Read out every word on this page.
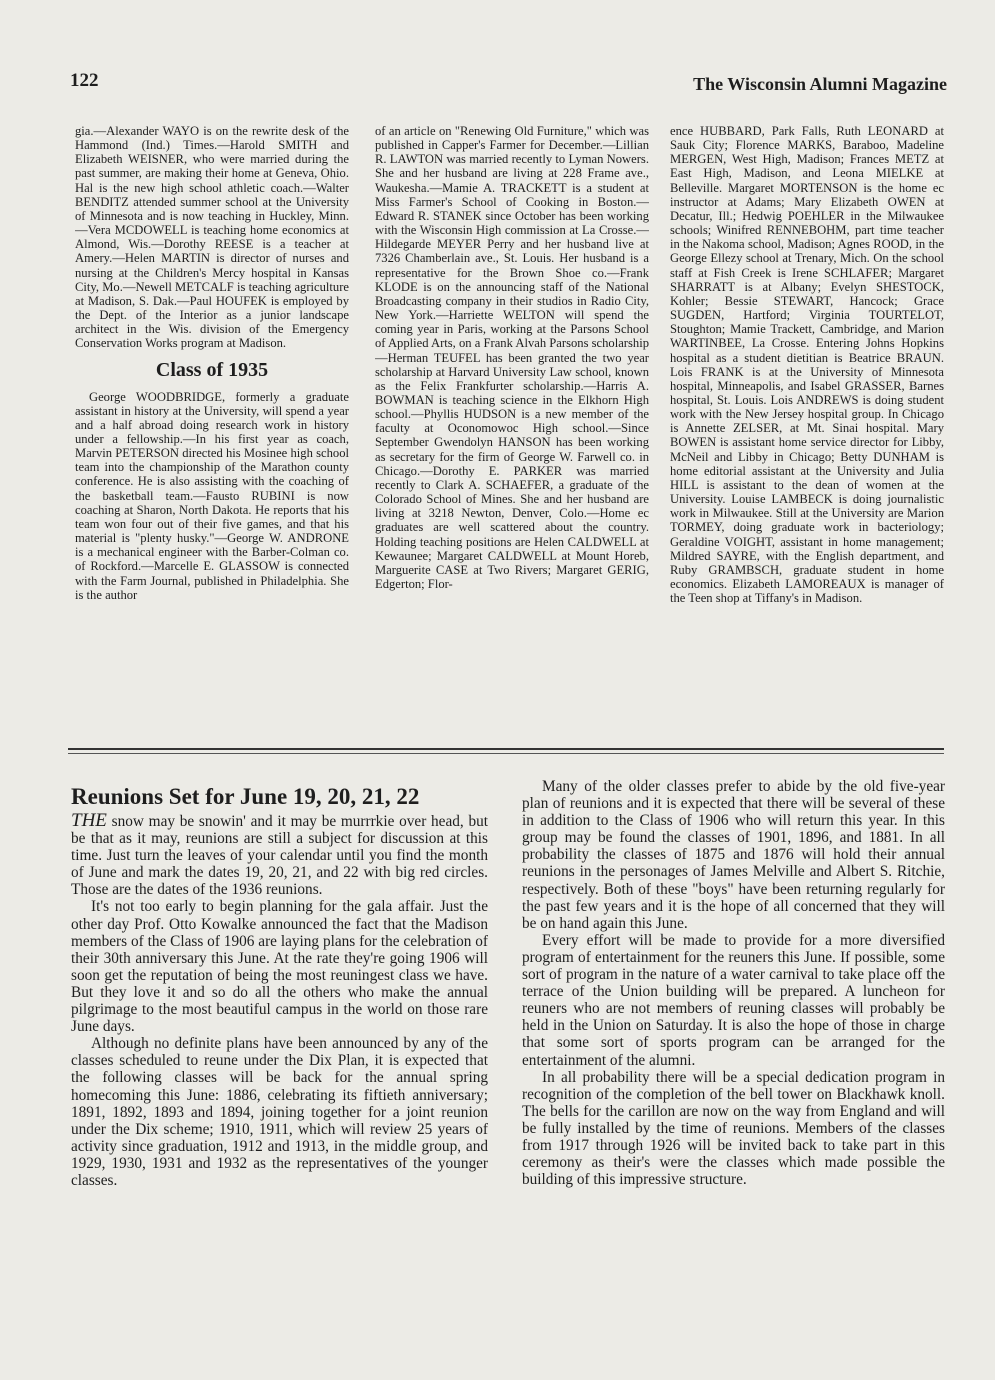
122	The Wisconsin Alumni Magazine

gia.—Alexander WAYO is on the rewrite desk of the Hammond (Ind.) Times.—Harold SMITH and Elizabeth WEISNER, who were married during the past summer, are making their home at Geneva, Ohio. Hal is the new high school athletic coach.—Walter BENDITZ attended summer school at the University of Minnesota and is now teaching in Huckley, Minn.—Vera MCDOWELL is teaching home economics at Almond, Wis.—Dorothy REESE is a teacher at Amery.—Helen MARTIN is director of nurses and nursing at the Children's Mercy hospital in Kansas City, Mo.—Newell METCALF is teaching agriculture at Madison, S. Dak.—Paul HOUFEK is employed by the Dept. of the Interior as a junior landscape architect in the Wis. division of the Emergency Conservation Works program at Madison.

Class of 1935

George WOODBRIDGE, formerly a graduate assistant in history at the University, will spend a year and a half abroad doing research work in history under a fellowship.—In his first year as coach, Marvin PETERSON directed his Mosinee high school team into the championship of the Marathon county conference. He is also assisting with the coaching of the basketball team.—Fausto RUBINI is now coaching at Sharon, North Dakota. He reports that his team won four out of their five games, and that his material is "plenty husky."—George W. ANDRONE is a mechanical engineer with the Barber-Colman co. of Rockford.—Marcelle E. GLASSOW is connected with the Farm Journal, published in Philadelphia. She is the author

of an article on "Renewing Old Furniture," which was published in Capper's Farmer for December.—Lillian R. LAWTON was married recently to Lyman Nowers. She and her husband are living at 228 Frame ave., Waukesha.—Mamie A. TRACKETT is a student at Miss Farmer's School of Cooking in Boston.—Edward R. STANEK since October has been working with the Wisconsin High commission at La Crosse.—Hildegarde MEYER Perry and her husband live at 7326 Chamberlain ave., St. Louis. Her husband is a representative for the Brown Shoe co.—Frank KLODE is on the announcing staff of the National Broadcasting company in their studios in Radio City, New York.—Harriette WELTON will spend the coming year in Paris, working at the Parsons School of Applied Arts, on a Frank Alvah Parsons scholarship—Herman TEUFEL has been granted the two year scholarship at Harvard University Law school, known as the Felix Frankfurter scholarship.—Harris A. BOWMAN is teaching science in the Elkhorn High school.—Phyllis HUDSON is a new member of the faculty at Oconomowoc High school.—Since September Gwendolyn HANSON has been working as secretary for the firm of George W. Farwell co. in Chicago.—Dorothy E. PARKER was married recently to Clark A. SCHAEFER, a graduate of the Colorado School of Mines. She and her husband are living at 3218 Newton, Denver, Colo.—Home ec graduates are well scattered about the country. Holding teaching positions are Helen CALDWELL at Kewaunee; Margaret CALDWELL at Mount Horeb, Marguerite CASE at Two Rivers; Margaret GERIG, Edgerton; Flor-

ence HUBBARD, Park Falls, Ruth LEONARD at Sauk City; Florence MARKS, Baraboo, Madeline MERGEN, West High, Madison; Frances METZ at East High, Madison, and Leona MIELKE at Belleville. Margaret MORTENSON is the home ec instructor at Adams; Mary Elizabeth OWEN at Decatur, Ill.; Hedwig POEHLER in the Milwaukee schools; Winifred RENNEBOHM, part time teacher in the Nakoma school, Madison; Agnes ROOD, in the George Ellezy school at Trenary, Mich. On the school staff at Fish Creek is Irene SCHLAFER; Margaret SHARRATT is at Albany; Evelyn SHESTOCK, Kohler; Bessie STEWART, Hancock; Grace SUGDEN, Hartford; Virginia TOURTELOT, Stoughton; Mamie Trackett, Cambridge, and Marion WARTINBEE, La Crosse. Entering Johns Hopkins hospital as a student dietitian is Beatrice BRAUN. Lois FRANK is at the University of Minnesota hospital, Minneapolis, and Isabel GRASSER, Barnes hospital, St. Louis. Lois ANDREWS is doing student work with the New Jersey hospital group. In Chicago is Annette ZELSER, at Mt. Sinai hospital. Mary BOWEN is assistant home service director for Libby, McNeil and Libby in Chicago; Betty DUNHAM is home editorial assistant at the University and Julia HILL is assistant to the dean of women at the University. Louise LAMBECK is doing journalistic work in Milwaukee. Still at the University are Marion TORMEY, doing graduate work in bacteriology; Geraldine VOIGHT, assistant in home management; Mildred SAYRE, with the English department, and Ruby GRAMBSCH, graduate student in home economics. Elizabeth LAMOREAUX is manager of the Teen shop at Tiffany's in Madison.

Reunions Set for June 19, 20, 21, 22

THE snow may be snowin' and it may be murrrkie over head, but be that as it may, reunions are still a subject for discussion at this time. Just turn the leaves of your calendar until you find the month of June and mark the dates 19, 20, 21, and 22 with big red circles. Those are the dates of the 1936 reunions.

It's not too early to begin planning for the gala affair. Just the other day Prof. Otto Kowalke announced the fact that the Madison members of the Class of 1906 are laying plans for the celebration of their 30th anniversary this June. At the rate they're going 1906 will soon get the reputation of being the most reuningest class we have. But they love it and so do all the others who make the annual pilgrimage to the most beautiful campus in the world on those rare June days.

Although no definite plans have been announced by any of the classes scheduled to reune under the Dix Plan, it is expected that the following classes will be back for the annual spring homecoming this June: 1886, celebrating its fiftieth anniversary; 1891, 1892, 1893 and 1894, joining together for a joint reunion under the Dix scheme; 1910, 1911, which will review 25 years of activity since graduation, 1912 and 1913, in the middle group, and 1929, 1930, 1931 and 1932 as the representatives of the younger classes.

Many of the older classes prefer to abide by the old five-year plan of reunions and it is expected that there will be several of these in addition to the Class of 1906 who will return this year. In this group may be found the classes of 1901, 1896, and 1881. In all probability the classes of 1875 and 1876 will hold their annual reunions in the personages of James Melville and Albert S. Ritchie, respectively. Both of these "boys" have been returning regularly for the past few years and it is the hope of all concerned that they will be on hand again this June.

Every effort will be made to provide for a more diversified program of entertainment for the reuners this June. If possible, some sort of program in the nature of a water carnival to take place off the terrace of the Union building will be prepared. A luncheon for reuners who are not members of reuning classes will probably be held in the Union on Saturday. It is also the hope of those in charge that some sort of sports program can be arranged for the entertainment of the alumni.

In all probability there will be a special dedication program in recognition of the completion of the bell tower on Blackhawk knoll. The bells for the carillon are now on the way from England and will be fully installed by the time of reunions. Members of the classes from 1917 through 1926 will be invited back to take part in this ceremony as their's were the classes which made possible the building of this impressive structure.
